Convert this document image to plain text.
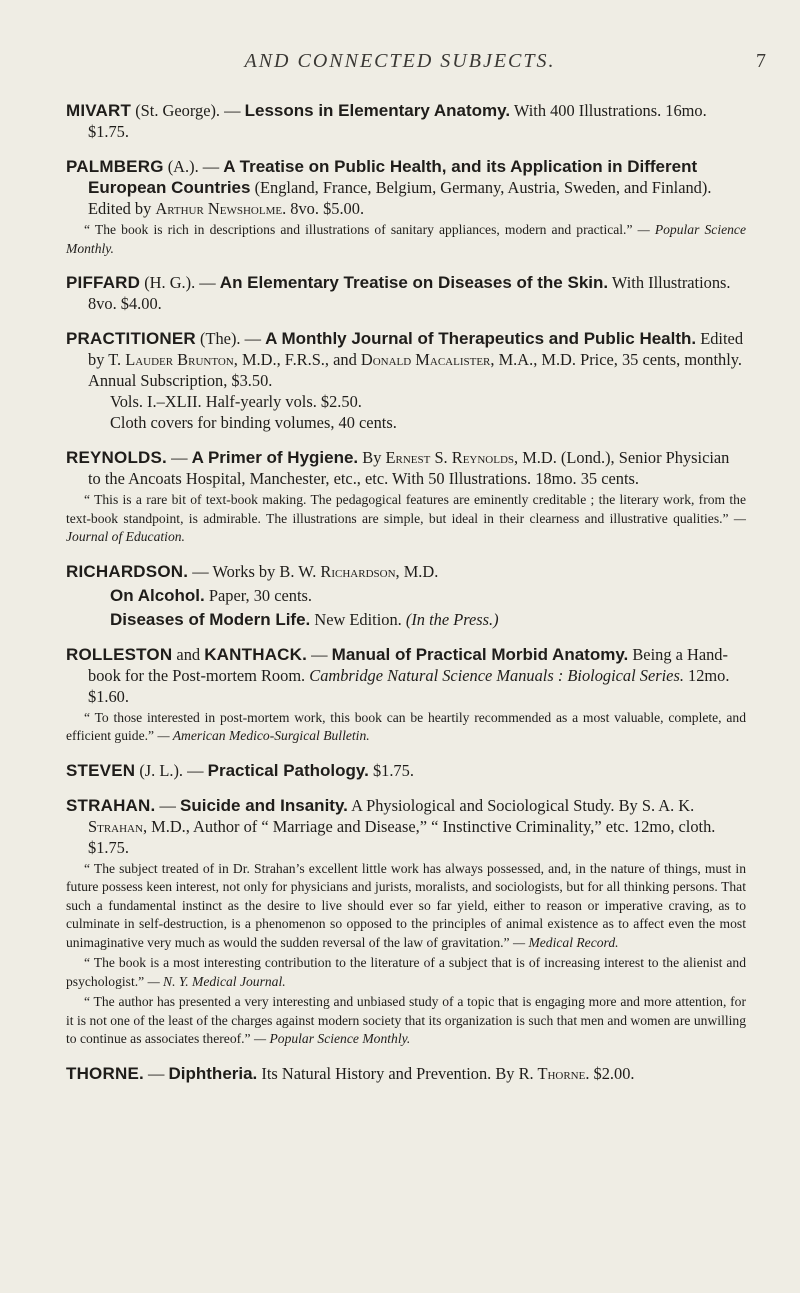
AND CONNECTED SUBJECTS.	7

MIVART (St. George). — Lessons in Elementary Anatomy. With 400 Illustrations. 16mo. $1.75.

PALMBERG (A.). — A Treatise on Public Health, and its Application in Different European Countries (England, France, Belgium, Germany, Austria, Sweden, and Finland). Edited by Arthur Newsholme. 8vo. $5.00.
“ The book is rich in descriptions and illustrations of sanitary appliances, modern and practical.” — Popular Science Monthly.

PIFFARD (H. G.). — An Elementary Treatise on Diseases of the Skin. With Illustrations. 8vo. $4.00.

PRACTITIONER (The). — A Monthly Journal of Therapeutics and Public Health. Edited by T. Lauder Brunton, M.D., F.R.S., and Donald Macalister, M.A., M.D. Price, 35 cents, monthly. Annual Subscription, $3.50.
Vols. I.–XLII. Half-yearly vols. $2.50.
Cloth covers for binding volumes, 40 cents.

REYNOLDS. — A Primer of Hygiene. By Ernest S. Reynolds, M.D. (Lond.), Senior Physician to the Ancoats Hospital, Manchester, etc., etc. With 50 Illustrations. 18mo. 35 cents.
“ This is a rare bit of text-book making. The pedagogical features are eminently creditable ; the literary work, from the text-book standpoint, is admirable. The illustrations are simple, but ideal in their clearness and illustrative qualities.” — Journal of Education.

RICHARDSON. — Works by B. W. Richardson, M.D.
On Alcohol. Paper, 30 cents.
Diseases of Modern Life. New Edition. (In the Press.)

ROLLESTON and KANTHACK. — Manual of Practical Morbid Anatomy. Being a Hand-book for the Post-mortem Room. Cambridge Natural Science Manuals : Biological Series. 12mo. $1.60.
“ To those interested in post-mortem work, this book can be heartily recommended as a most valuable, complete, and efficient guide.” — American Medico-Surgical Bulletin.

STEVEN (J. L.). — Practical Pathology. $1.75.

STRAHAN. — Suicide and Insanity. A Physiological and Sociological Study. By S. A. K. Strahan, M.D., Author of “ Marriage and Disease,” “ Instinctive Criminality,” etc. 12mo, cloth. $1.75.
“ The subject treated of in Dr. Strahan’s excellent little work has always possessed, and, in the nature of things, must in future possess keen interest, not only for physicians and jurists, moralists, and sociologists, but for all thinking persons. That such a fundamental instinct as the desire to live should ever so far yield, either to reason or imperative craving, as to culminate in self-destruction, is a phenomenon so opposed to the principles of animal existence as to affect even the most unimaginative very much as would the sudden reversal of the law of gravitation.” — Medical Record.
“ The book is a most interesting contribution to the literature of a subject that is of increasing interest to the alienist and psychologist.” — N. Y. Medical Journal.
“ The author has presented a very interesting and unbiased study of a topic that is engaging more and more attention, for it is not one of the least of the charges against modern society that its organization is such that men and women are unwilling to continue as associates thereof.” — Popular Science Monthly.

THORNE. — Diphtheria. Its Natural History and Prevention. By R. Thorne. $2.00.
